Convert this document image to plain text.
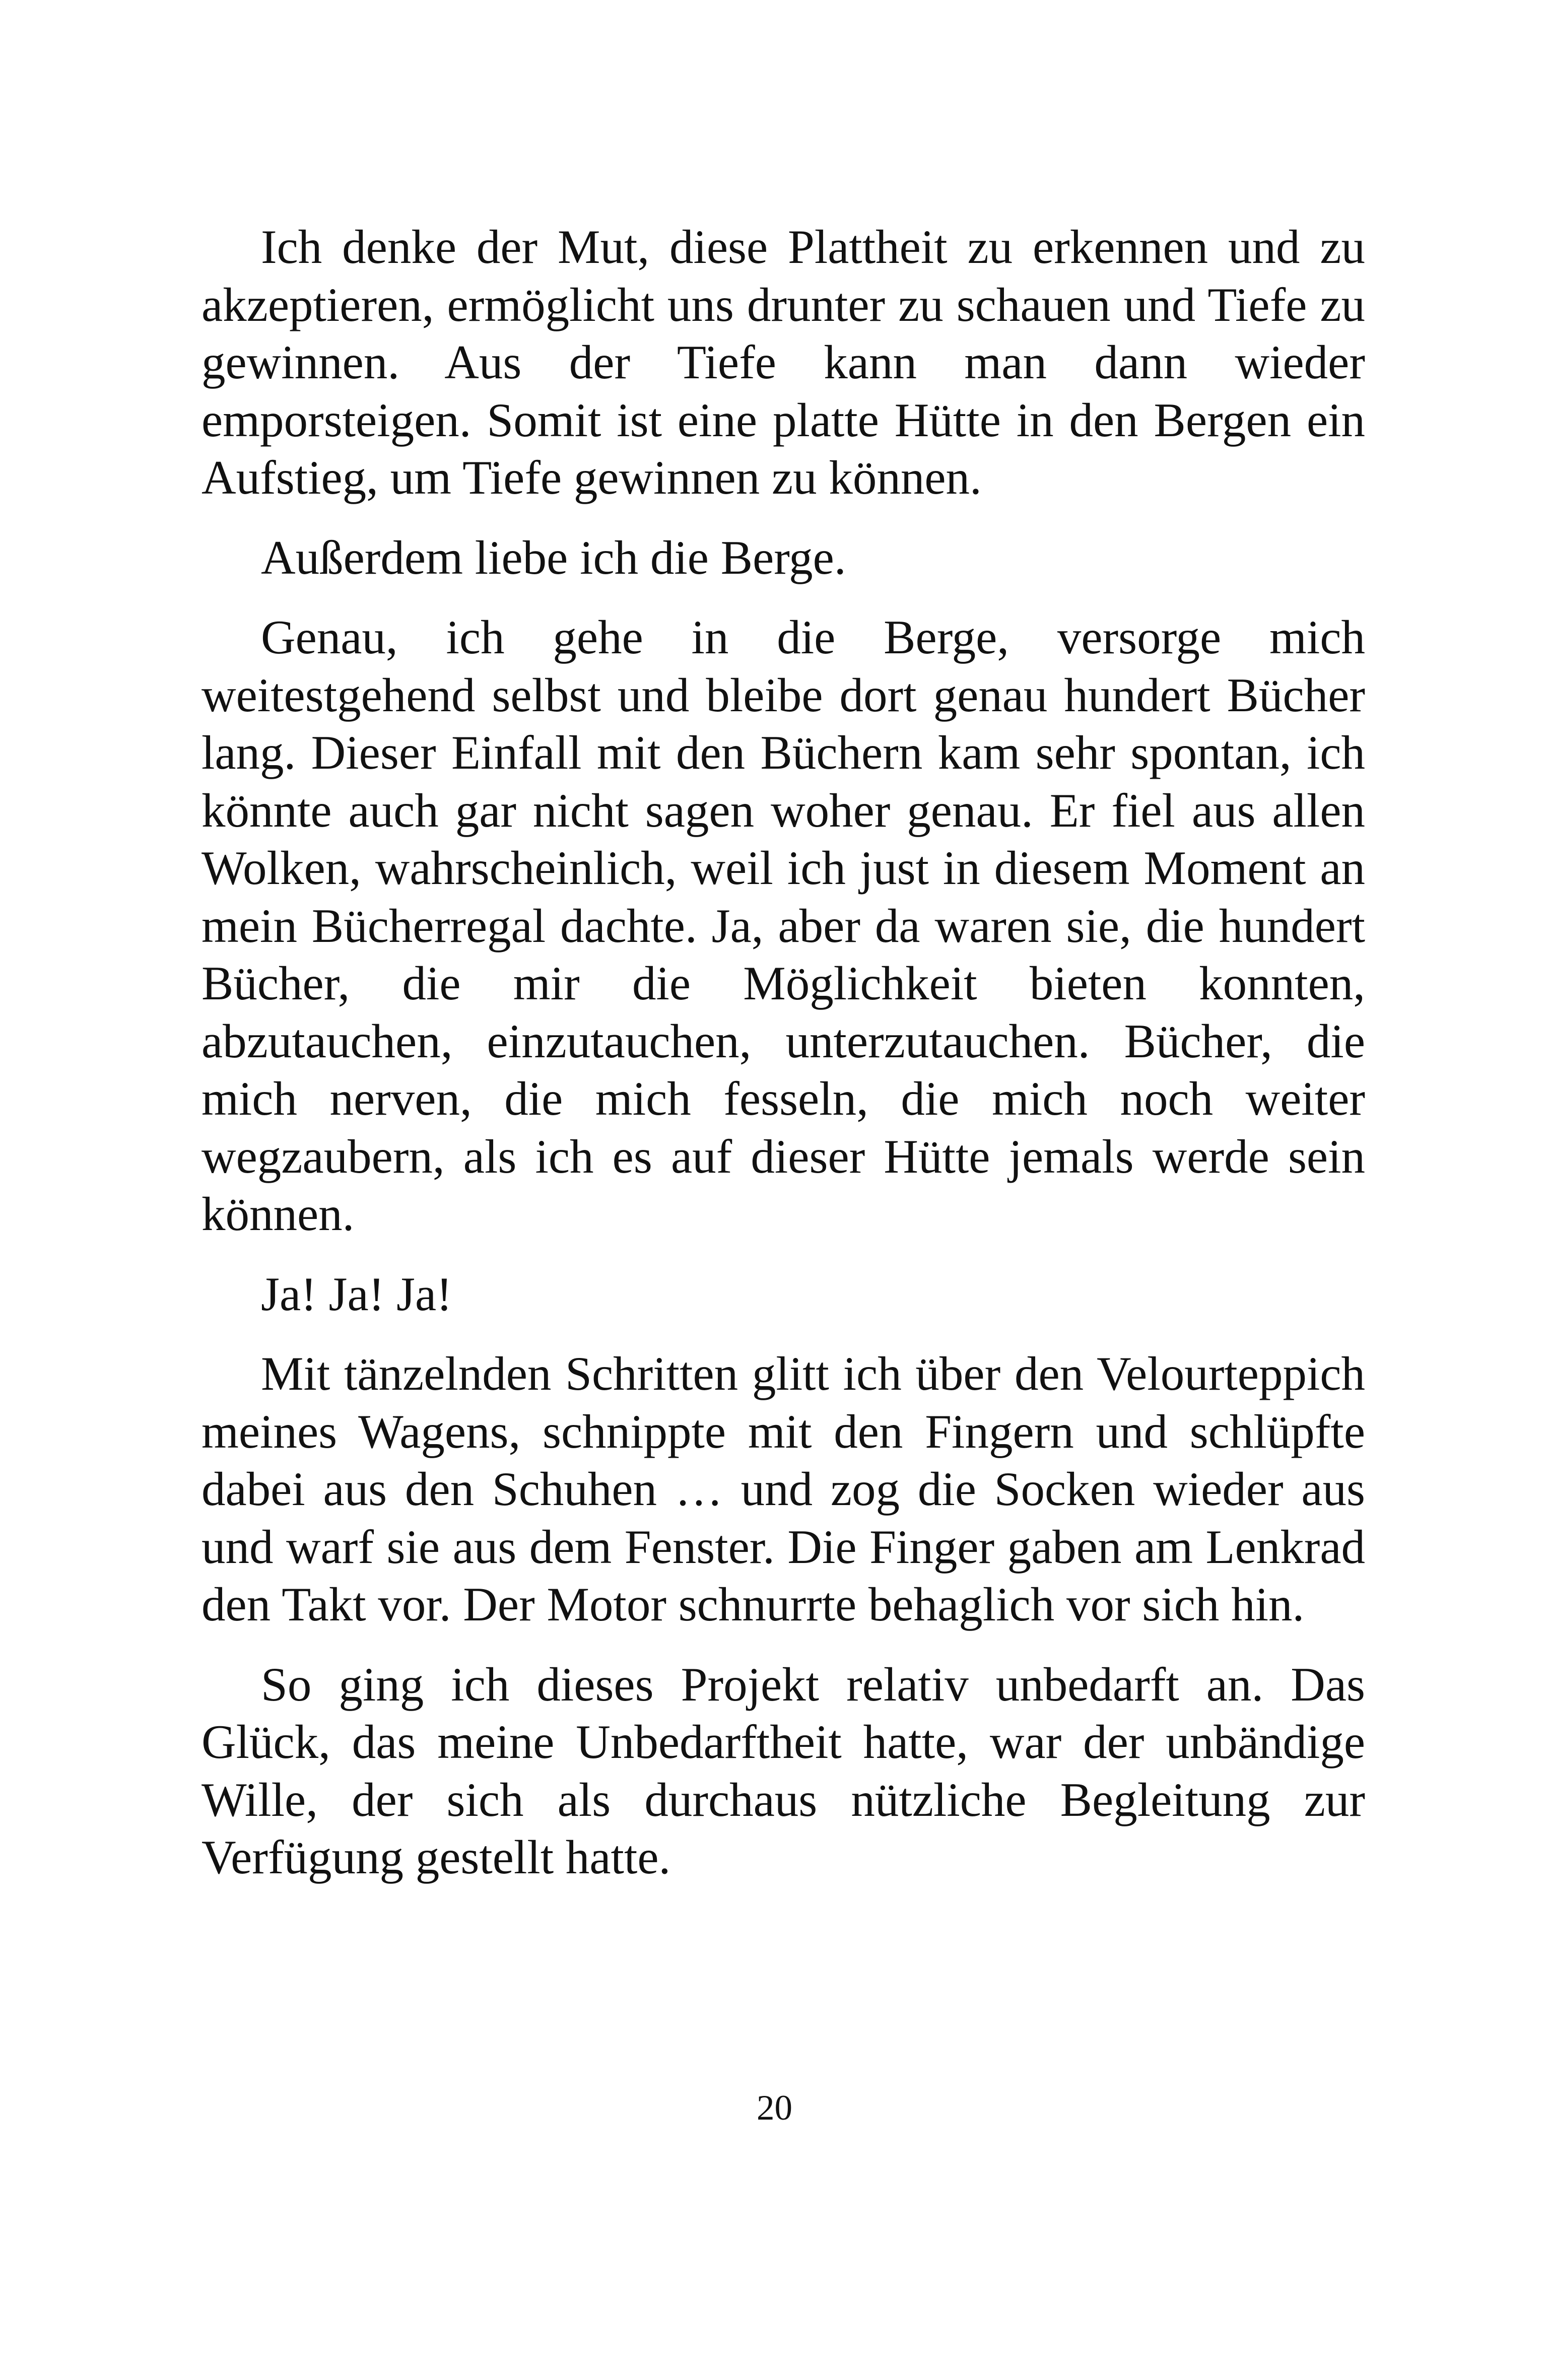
Ich denke der Mut, diese Plattheit zu erkennen und zu akzeptieren, ermöglicht uns drunter zu schauen und Tiefe zu gewinnen. Aus der Tiefe kann man dann wieder emporsteigen. Somit ist eine platte Hütte in den Bergen ein Aufstieg, um Tiefe gewinnen zu können.

Außerdem liebe ich die Berge.

Genau, ich gehe in die Berge, versorge mich weitestgehend selbst und bleibe dort genau hundert Bücher lang. Dieser Einfall mit den Büchern kam sehr spontan, ich könnte auch gar nicht sagen woher genau. Er fiel aus allen Wolken, wahrscheinlich, weil ich just in diesem Moment an mein Bücherregal dachte. Ja, aber da waren sie, die hundert Bücher, die mir die Möglichkeit bieten konnten, abzutauchen, einzutauchen, unterzutauchen. Bücher, die mich nerven, die mich fesseln, die mich noch weiter wegzaubern, als ich es auf dieser Hütte jemals werde sein können.

Ja! Ja! Ja!

Mit tänzelnden Schritten glitt ich über den Velourteppich meines Wagens, schnippte mit den Fingern und schlüpfte dabei aus den Schuhen … und zog die Socken wieder aus und warf sie aus dem Fenster. Die Finger gaben am Lenkrad den Takt vor. Der Motor schnurrte behaglich vor sich hin.

So ging ich dieses Projekt relativ unbedarft an. Das Glück, das meine Unbedarftheit hatte, war der unbändige Wille, der sich als durchaus nützliche Begleitung zur Verfügung gestellt hatte.

20
